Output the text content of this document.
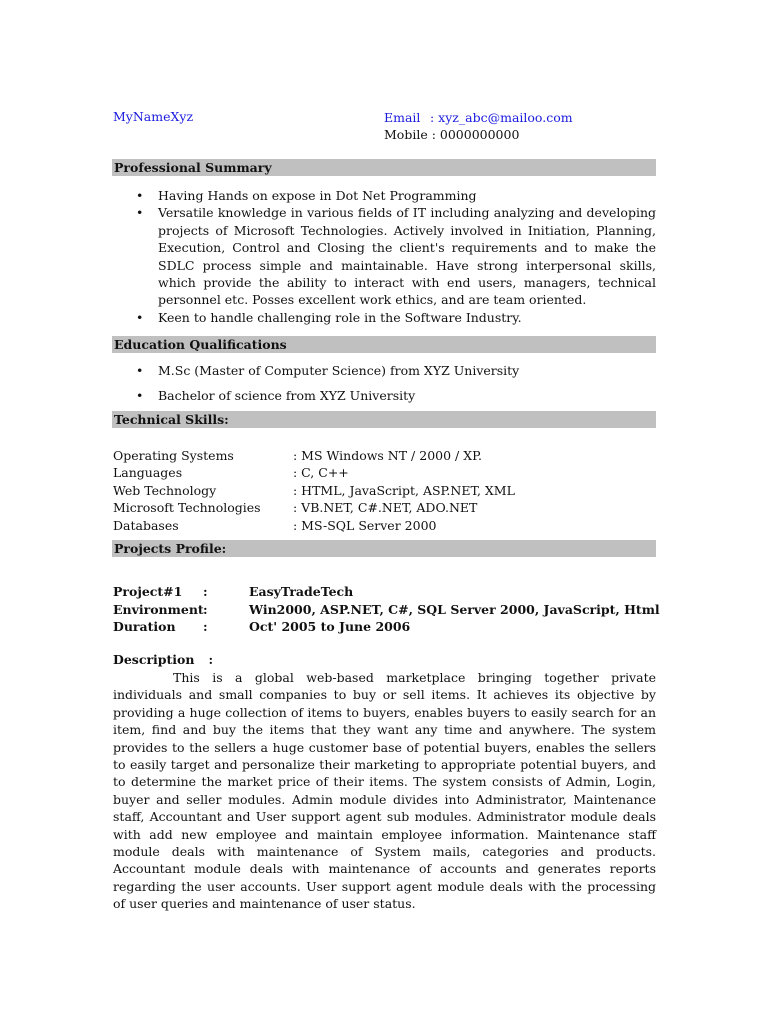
MyNameXyz	Email : xyz_abc@mailoo.com
Mobile : 0000000000
Professional Summary
• Having Hands on expose in Dot Net Programming
• Versatile knowledge in various fields of IT including analyzing and developing projects of Microsoft Technologies. Actively involved in Initiation, Planning, Execution, Control and Closing the client's requirements and to make the SDLC process simple and maintainable. Have strong interpersonal skills, which provide the ability to interact with end users, managers, technical personnel etc. Posses excellent work ethics, and are team oriented.
• Keen to handle challenging role in the Software Industry.
Education Qualifications
• M.Sc (Master of Computer Science) from XYZ University
• Bachelor of science from XYZ University
Technical Skills:
Operating Systems	: MS Windows NT / 2000 / XP.
Languages	: C, C++
Web Technology	: HTML, JavaScript, ASP.NET, XML
Microsoft Technologies	: VB.NET, C#.NET, ADO.NET
Databases	: MS-SQL Server 2000
Projects Profile:
Project#1	:	EasyTradeTech
Environment :	Win2000, ASP.NET, C#, SQL Server 2000, JavaScript, Html
Duration	:	Oct' 2005 to June 2006
Description :

This is a global web-based marketplace bringing together private individuals and small companies to buy or sell items. It achieves its objective by providing a huge collection of items to buyers, enables buyers to easily search for an item, find and buy the items that they want any time and anywhere. The system provides to the sellers a huge customer base of potential buyers, enables the sellers to easily target and personalize their marketing to appropriate potential buyers, and to determine the market price of their items. The system consists of Admin, Login, buyer and seller modules. Admin module divides into Administrator, Maintenance staff, Accountant and User support agent sub modules. Administrator module deals with add new employee and maintain employee information. Maintenance staff module deals with maintenance of System mails, categories and products. Accountant module deals with maintenance of accounts and generates reports regarding the user accounts. User support agent module deals with the processing of user queries and maintenance of user status.
